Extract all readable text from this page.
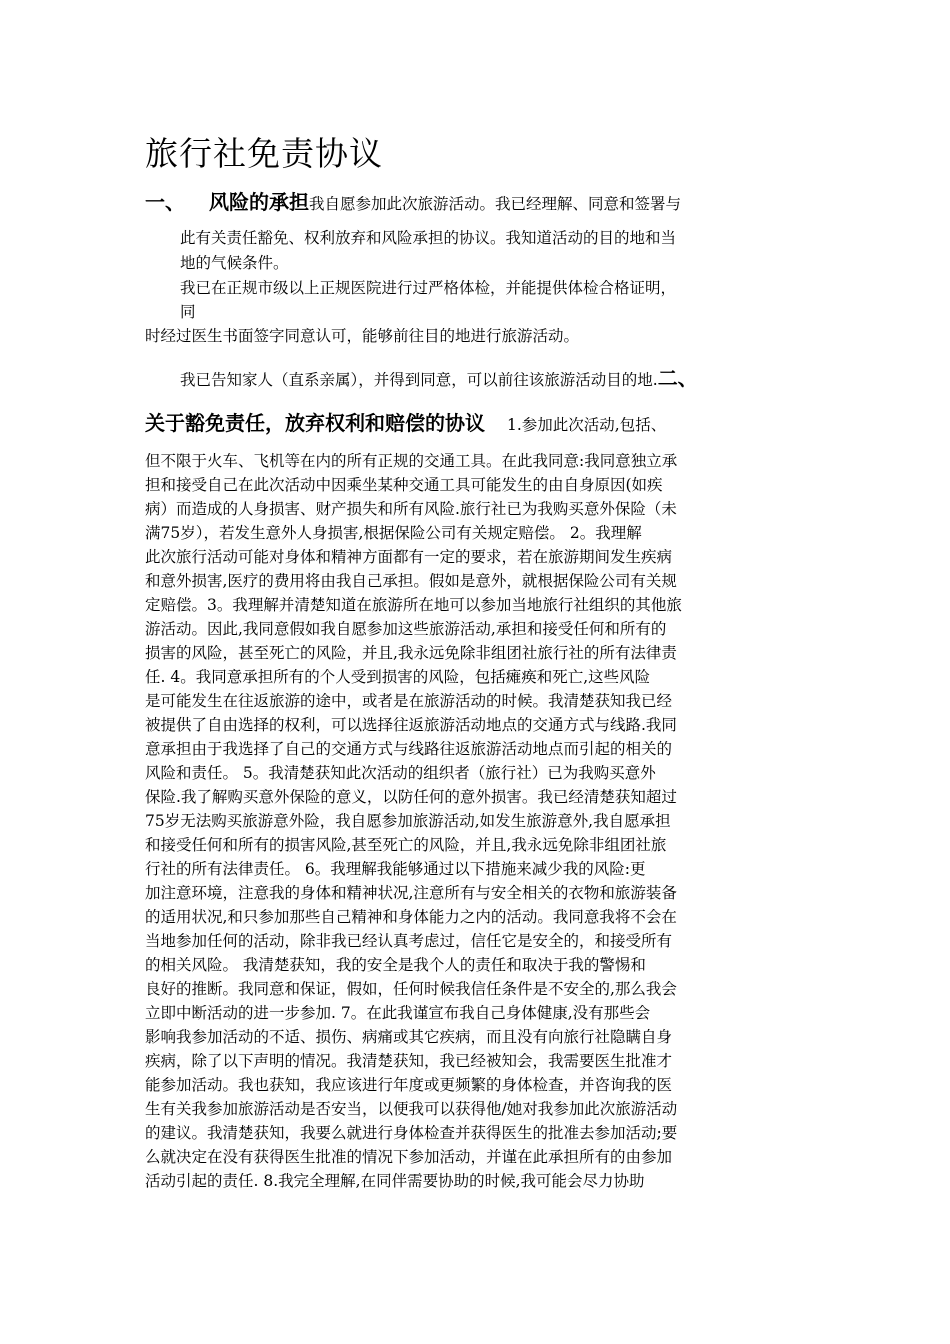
旅行社免责协议
一、 风险的承担我自愿参加此次旅游活动。我已经理解、同意和签署与
此有关责任豁免、权利放弃和风险承担的协议。我知道活动的目的地和当
地的气候条件。
我已在正规市级以上正规医院进行过严格体检，并能提供体检合格证明，
同
时经过医生书面签字同意认可，能够前往目的地进行旅游活动。
我已告知家人（直系亲属），并得到同意，可以前往该旅游活动目的地.二、
关于豁免责任，放弃权利和赔偿的协议 1.参加此次活动,包括、
但不限于火车、飞机等在内的所有正规的交通工具。在此我同意:我同意独立承
担和接受自己在此次活动中因乘坐某种交通工具可能发生的由自身原因(如疾
病）而造成的人身损害、财产损失和所有风险.旅行社已为我购买意外保险（未
满75岁），若发生意外人身损害,根据保险公司有关规定赔偿。 2。我理解
此次旅行活动可能对身体和精神方面都有一定的要求，若在旅游期间发生疾病
和意外损害,医疗的费用将由我自己承担。假如是意外，就根据保险公司有关规
定赔偿。3。我理解并清楚知道在旅游所在地可以参加当地旅行社组织的其他旅
游活动。因此,我同意假如我自愿参加这些旅游活动,承担和接受任何和所有的
损害的风险，甚至死亡的风险，并且,我永远免除非组团社旅行社的所有法律责
任. 4。我同意承担所有的个人受到损害的风险，包括瘫痪和死亡,这些风险
是可能发生在往返旅游的途中，或者是在旅游活动的时候。我清楚获知我已经
被提供了自由选择的权利，可以选择往返旅游活动地点的交通方式与线路.我同
意承担由于我选择了自己的交通方式与线路往返旅游活动地点而引起的相关的
风险和责任。 5。我清楚获知此次活动的组织者（旅行社）已为我购买意外
保险.我了解购买意外保险的意义，以防任何的意外损害。我已经清楚获知超过
75岁无法购买旅游意外险，我自愿参加旅游活动,如发生旅游意外,我自愿承担
和接受任何和所有的损害风险,甚至死亡的风险，并且,我永远免除非组团社旅
行社的所有法律责任。 6。我理解我能够通过以下措施来减少我的风险:更
加注意环境，注意我的身体和精神状况,注意所有与安全相关的衣物和旅游装备
的适用状况,和只参加那些自己精神和身体能力之内的活动。我同意我将不会在
当地参加任何的活动，除非我已经认真考虑过，信任它是安全的，和接受所有
的相关风险。 我清楚获知，我的安全是我个人的责任和取决于我的警惕和
良好的推断。我同意和保证，假如，任何时候我信任条件是不安全的,那么我会
立即中断活动的进一步参加. 7。在此我谨宣布我自己身体健康,没有那些会
影响我参加活动的不适、损伤、病痛或其它疾病，而且没有向旅行社隐瞒自身
疾病，除了以下声明的情况。我清楚获知，我已经被知会，我需要医生批准才
能参加活动。我也获知，我应该进行年度或更频繁的身体检查，并咨询我的医
生有关我参加旅游活动是否安当，以便我可以获得他/她对我参加此次旅游活动
的建议。我清楚获知，我要么就进行身体检查并获得医生的批准去参加活动;要
么就决定在没有获得医生批准的情况下参加活动，并谨在此承担所有的由参加
活动引起的责任. 8.我完全理解,在同伴需要协助的时候,我可能会尽力协助
